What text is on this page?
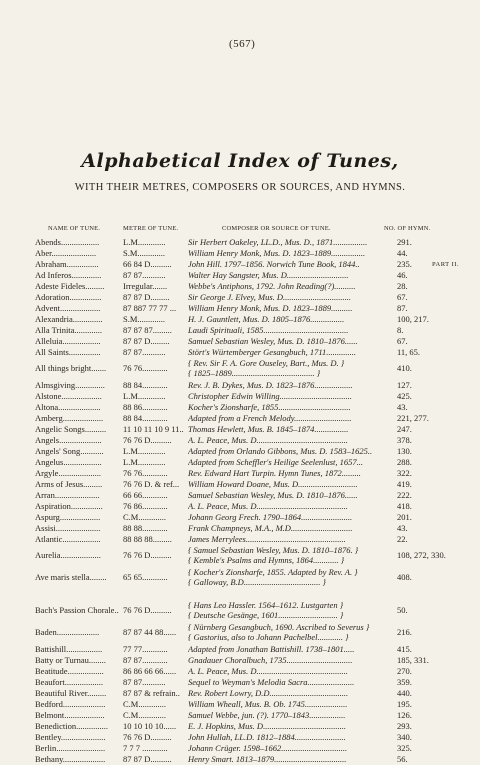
(567)
Alphabetical Index of Tunes,
WITH THEIR METRES, COMPOSERS OR SOURCES, AND HYMNS.
NAME OF TUNE.	METRE OF TUNE.	COMPOSER OR SOURCE OF TUNE.	NO. OF HYMN.
Abends..................	L.M.............	Sir Herbert Oakeley, LL.D., Mus. D., 1871................	291.
Aber.....................	S.M.............	William Henry Monk, Mus. D. 1823–1889................	44.
Abraham...............	66 84 D..........	John Hill. 1797–1856. Norwich Tune Book, 1844..	235.	PART II.
Ad Inferos..............	87 87...........	Walter Hay Sangster, Mus. D.............................	46.
Adeste Fideles.........	Irregular.......	Webbe's Antiphons, 1792. John Reading(?)..........	28.
Adoration...............	87 87 D.........	Sir George J. Elvey, Mus. D................................	67.
Advent...................	87 887 77 77 ...	William Henry Monk, Mus. D. 1823–1889..........	87.
Alexandria..............	S.M.............	H. J. Gauntlett, Mus. D. 1805–1876................	100, 217.
Alla Trinita.............	87 87 87.........	Laudi Spirituali, 1585........................................	8.
Alleluia..................	87 87 D.........	Samuel Sebastian Wesley, Mus. D. 1810–1876......	67.
All Saints...............	87 87...........	Stört's Würtemberger Gesangbuch, 1711..............	11, 65.
All things bright.......	76 76............	{ Rev. Sir F. A. Gore Ouseley, Bart., Mus. D. }
{ 1825–1889....................................... }	410.
Almsgiving..............	88 84............	Rev. J. B. Dykes, Mus. D. 1823–1876..................	127.
Alstone...................	L.M.............	Christopher Edwin Willing..................................	425.
Altona....................	88 86............	Kocher's Zionsharfe, 1855..................................	43.
Amberg...................	88 84............	Adapted from a French Melody...........................	221, 277.
Angelic Songs..........	11 10 11 10 9 11.. Thomas Hewlett, Mus. B. 1845–1874................	247.
Angels....................	76 76 D..........	A. L. Peace, Mus. D...........................................	378.
Angels' Song...........	L.M.............	Adapted from Orlando Gibbons, Mus. D. 1583–1625..	130.
Angelus..................	L.M.............	Adapted from Scheffler's Heilige Seelenlust, 1657...	288.
Argyle....................	76 76............	Rev. Edward Hart Turpin. Hymn Tunes, 1872.........	322.
Arms of Jesus.........	76 76 D. & ref...	William Howard Doane, Mus. D............................	419.
Arran.....................	66 66............	Samuel Sebastian Wesley, Mus. D. 1810–1876......	222.
Aspiration...............	76 86............	A. L. Peace, Mus. D...........................................	418.
Aspurg...................	C.M.............	Johann Georg Frech. 1790–1864........................	201.
Assisi.....................	88 88............	Frank Champneys, M.A., M.D.............................	43.
Atlantic..................	88 88 88.........	James Merrylees...............................................	22.
Aurelia...................	76 76 D..........	{ Samuel Sebastian Wesley, Mus. D. 1810–1876. }
{ Kemble's Psalms and Hymns, 1864............ }	108, 272, 330.
Ave maris stella........	65 65............	{ Kocher's Zionsharfe, 1855. Adapted by Rev. A. }
{ Galloway, B.D.................................... }	408.
Bach's Passion Chorale.. 76 76 D..........	{ Hans Leo Hassler. 1564–1612. Lustgarten }
{ Deutsche Gesänge, 1601............................ }	50.
Baden....................	87 87 44 88......	{ Nürnberg Gesangbuch, 1690. Ascribed to Severus }
{ Gastorius, also to Johann Pachelbel............ }	216.
Battishill.................	77 77............	Adapted from Jonathan Battishill. 1738–1801.....	415.
Batty or Turnau........	87 87............	Gnadauer Choralbuch, 1735...............................	185, 331.
Beatitude.................	86 86 66 66......	A. L. Peace, Mus. D...........................................	270.
Beaufort..................	87 87...........	Sequel to Weyman's Melodia Sacra......................	359.
Beautiful River.........	87 87 & refrain.. Rev. Robert Lowry, D.D.....................................	440.
Bedford....................	C.M.............	William Wheall, Mus. B. Ob. 1745....................	195.
Belmont...................	C.M.............	Samuel Webbe, jun. (?). 1770–1843.................	126.
Benediction...............	10 10 10 10......	E. J. Hopkins, Mus. D.......................................	293.
Bentley.....................	76 76 D..........	John Hullah, LL.D. 1812–1884........................	340.
Berlin.......................	7 7 7 ............	Johann Crüger. 1598–1662...............................	325.
Bethany....................	87 87 D..........	Henry Smart. 1813–1879..................................	56.
